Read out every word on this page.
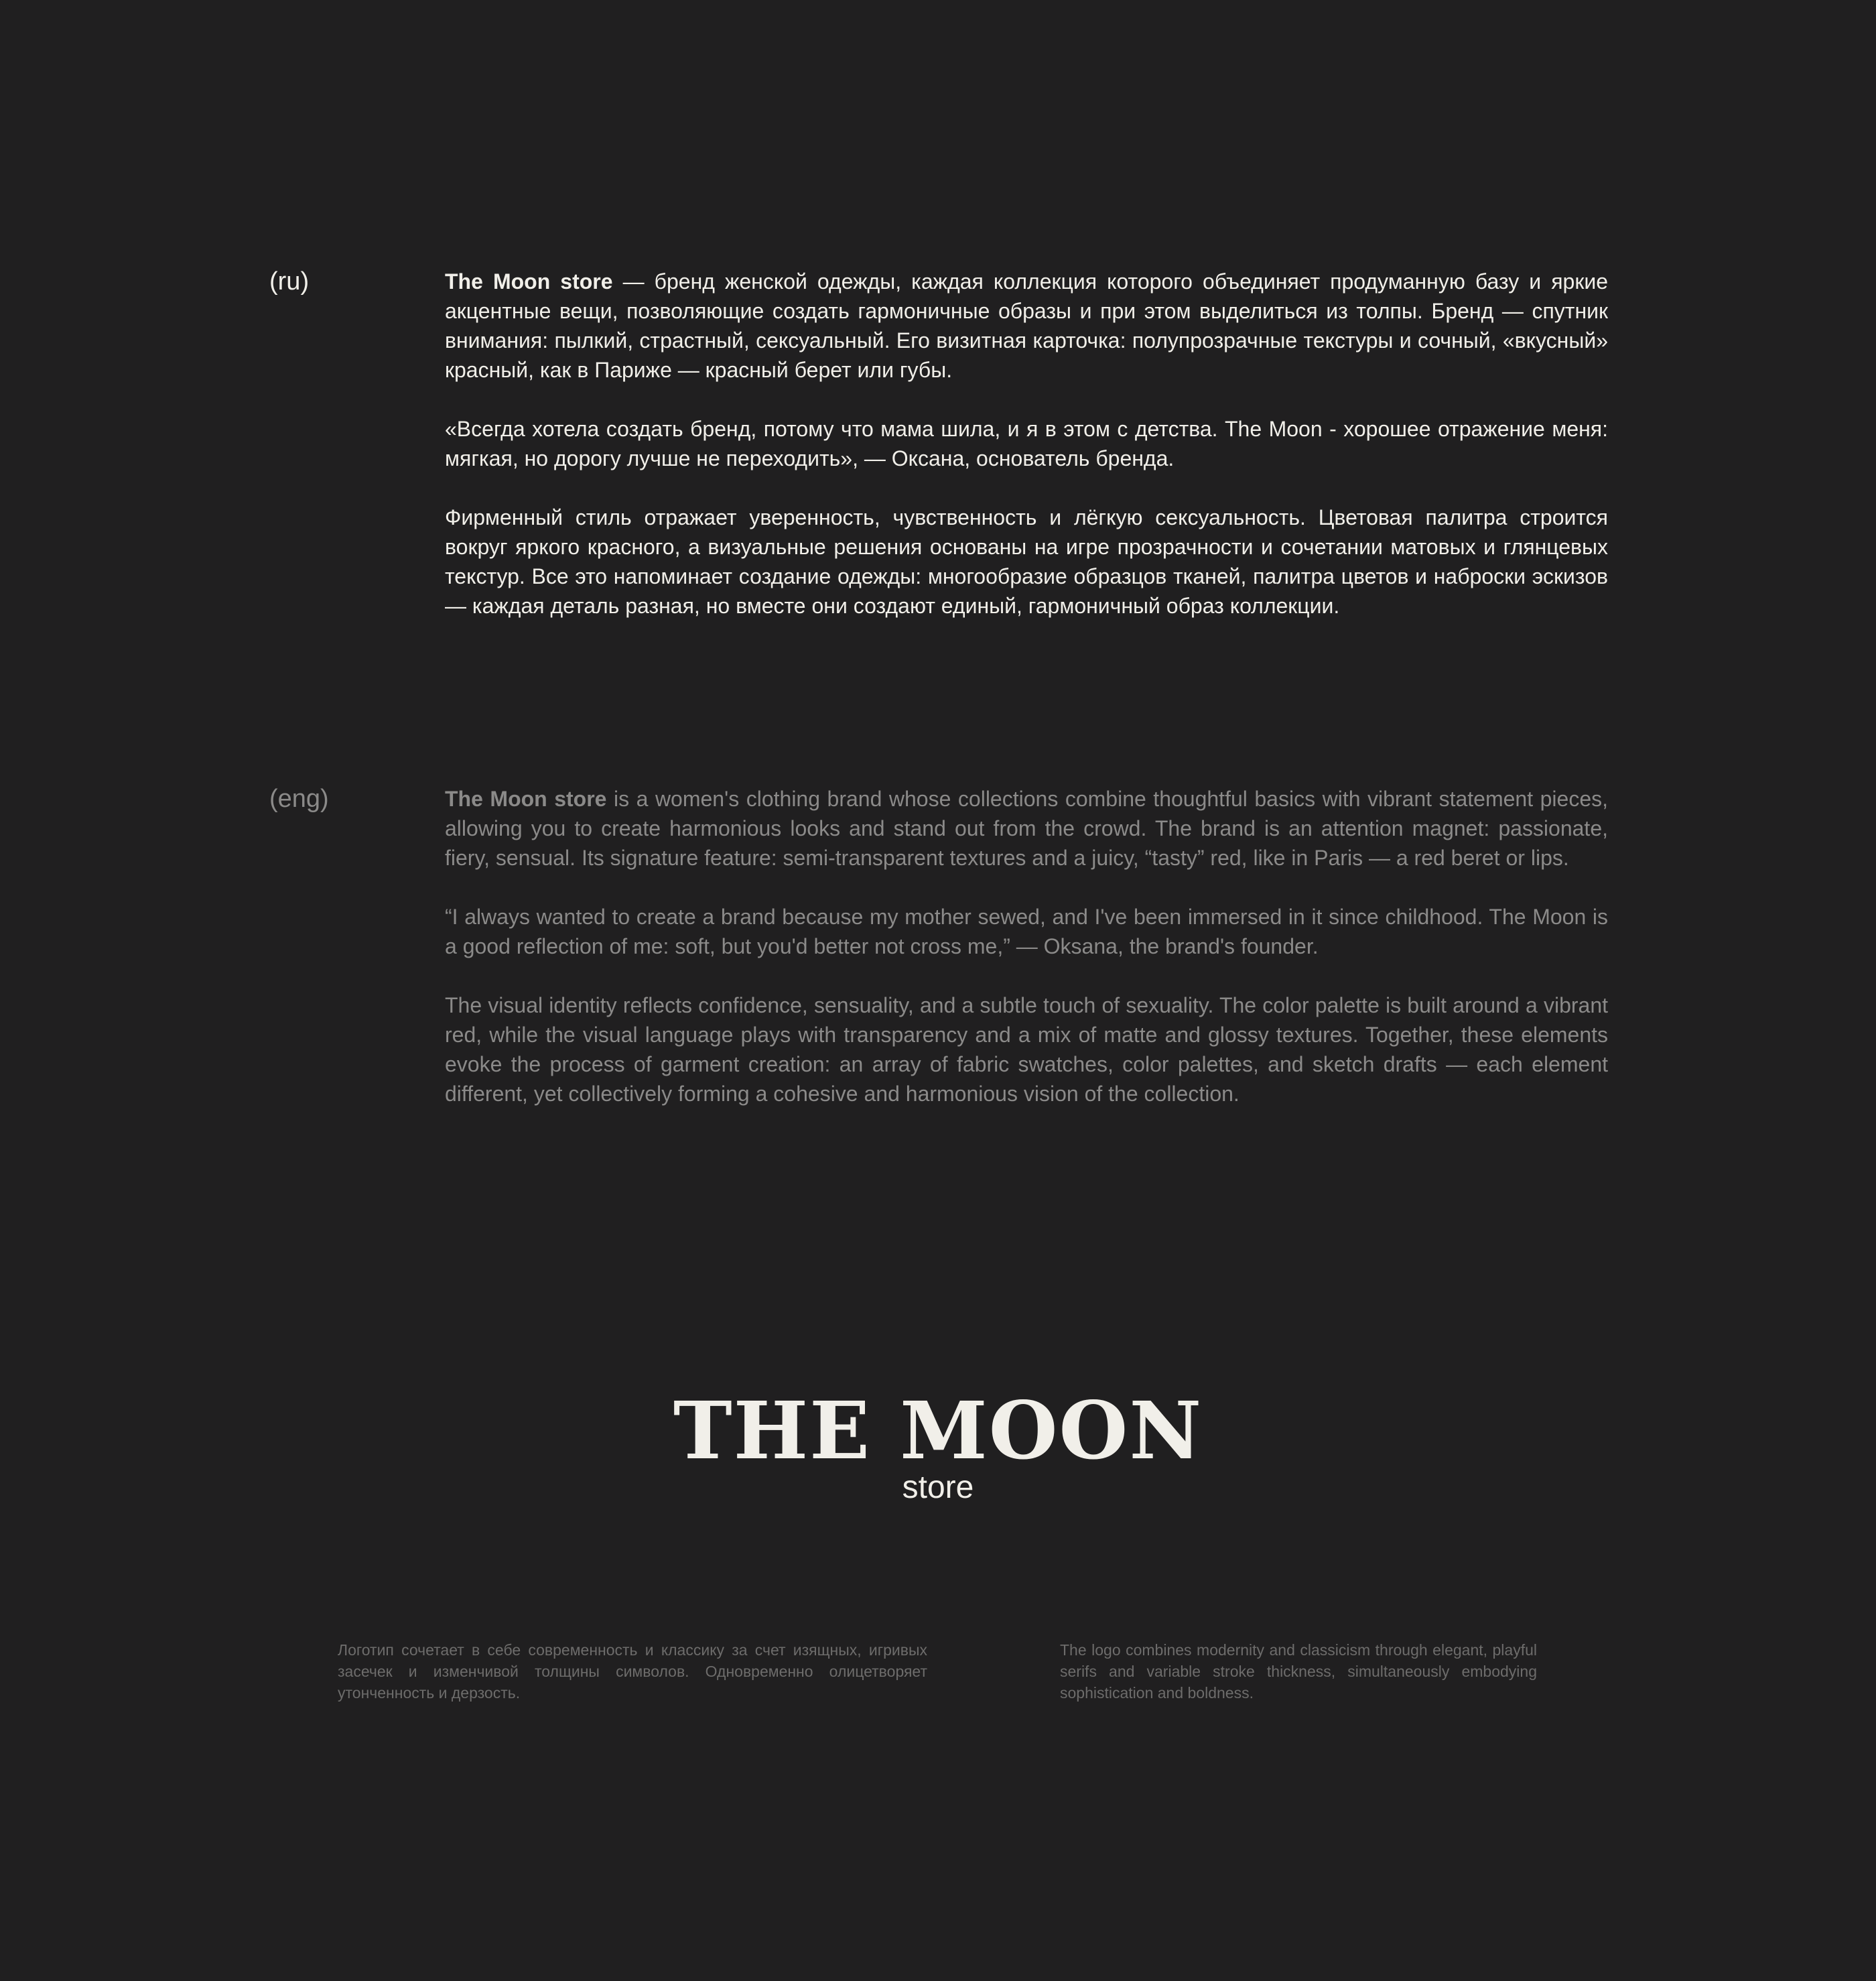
(ru)	The Moon store — бренд женской одежды, каждая коллекция которого объединяет продуманную базу и яркие акцентные вещи, позволяющие создать гармоничные образы и при этом выделиться из толпы. Бренд — спутник внимания: пылкий, страстный, сексуальный. Его визитная карточка: полупрозрачные текстуры и сочный, «вкусный» красный, как в Париже — красный берет или губы.

«Всегда хотела создать бренд, потому что мама шила, и я в этом с детства. The Moon - хорошее отражение меня: мягкая, но дорогу лучше не переходить», — Оксана, основатель бренда.

Фирменный стиль отражает уверенность, чувственность и лёгкую сексуальность. Цветовая палитра строится вокруг яркого красного, а визуальные решения основаны на игре прозрачности и сочетании матовых и глянцевых текстур. Все это напоминает создание одежды: многообразие образцов тканей, палитра цветов и наброски эскизов — каждая деталь разная, но вместе они создают единый, гармоничный образ коллекции.

(eng)	The Moon store is a women's clothing brand whose collections combine thoughtful basics with vibrant statement pieces, allowing you to create harmonious looks and stand out from the crowd. The brand is an attention magnet: passionate, fiery, sensual. Its signature feature: semi-transparent textures and a juicy, “tasty” red, like in Paris — a red beret or lips.

“I always wanted to create a brand because my mother sewed, and I've been immersed in it since childhood. The Moon is a good reflection of me: soft, but you'd better not cross me,” — Oksana, the brand's founder.

The visual identity reflects confidence, sensuality, and a subtle touch of sexuality. The color palette is built around a vibrant red, while the visual language plays with transparency and a mix of matte and glossy textures. Together, these elements evoke the process of garment creation: an array of fabric swatches, color palettes, and sketch drafts — each element different, yet collectively forming a cohesive and harmonious vision of the collection.

THE MOON

store

Логотип сочетает в себе современность и классику за счет изящных, игривых засечек и изменчивой толщины символов. Одновременно олицетворяет утонченность и дерзость.

The logo combines modernity and classicism through elegant, playful serifs and variable stroke thickness, simultaneously embodying sophistication and boldness.
